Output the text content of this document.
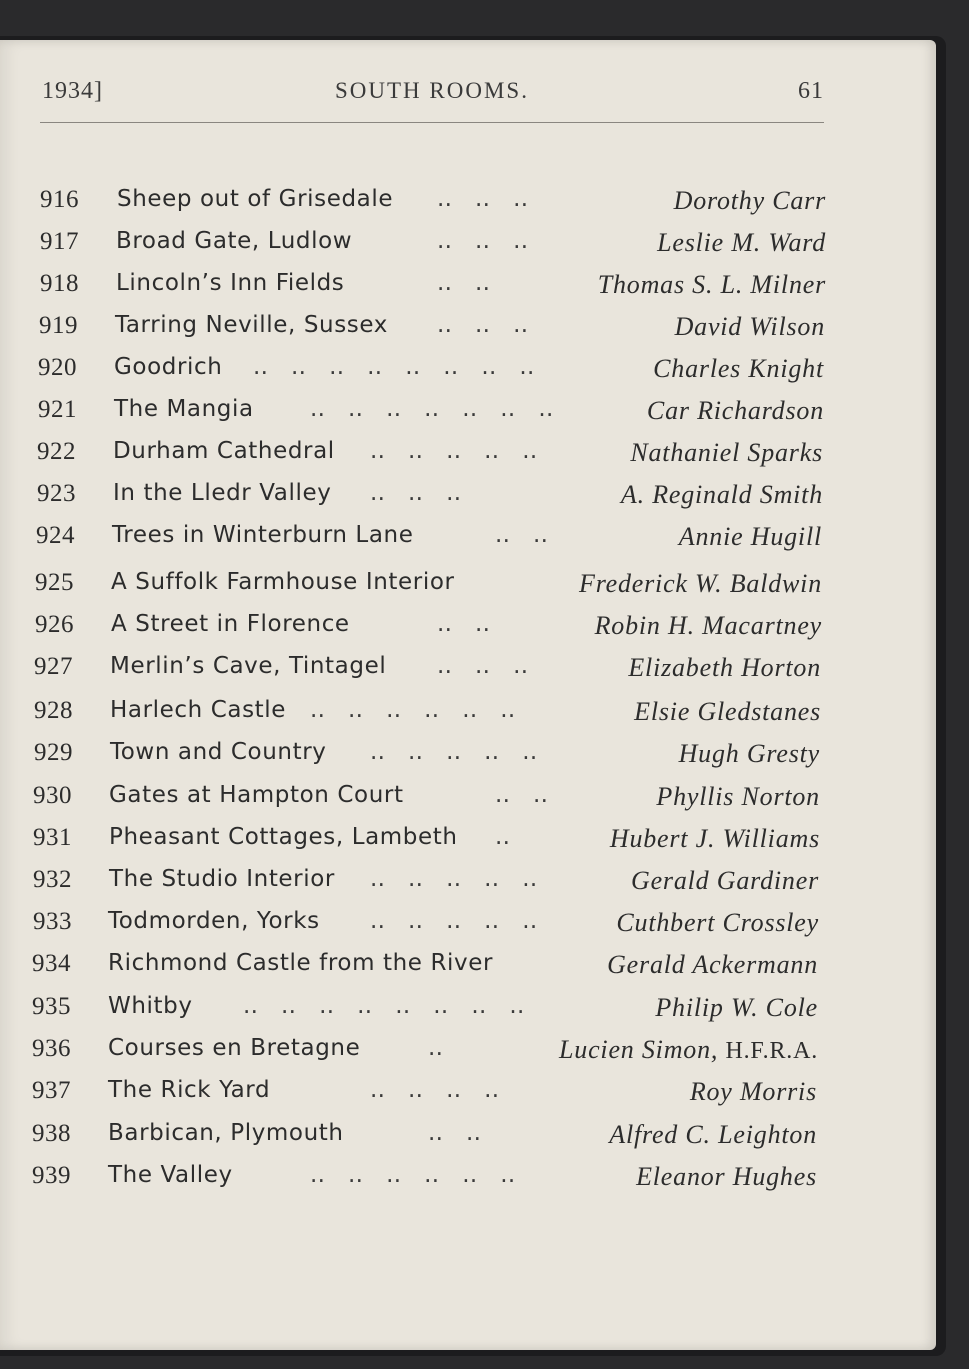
1934]	SOUTH ROOMS.	61
916 Sheep out of Grisedale ..   ..   ..	Dorothy Carr
917 Broad Gate, Ludlow	..   ..   ..	Leslie M. Ward
918 Lincoln’s Inn Fields	..   ..	Thomas S. L. Milner
919 Tarring Neville, Sussex ..   ..   ..	David Wilson
920 Goodrich ..   ..   ..   ..   ..   ..   ..   ..	Charles Knight
921 The Mangia ..   ..   ..   ..   ..   ..   ..	Car Richardson
922 Durham Cathedral ..   ..   ..   ..   ..	Nathaniel Sparks
923 In the Lledr Valley ..   ..   ..	A. Reginald Smith
924 Trees in Winterburn Lane	..   ..	Annie Hugill
925 A Suffolk Farmhouse Interior	Frederick W. Baldwin
926 A Street in Florence	..   ..	Robin H. Macartney
927 Merlin’s Cave, Tintagel ..   ..   ..	Elizabeth Horton
928 Harlech Castle ..   ..   ..   ..   ..   ..	Elsie Gledstanes
929 Town and Country ..   ..   ..   ..   ..	Hugh Gresty
930 Gates at Hampton Court	..   ..	Phyllis Norton
931 Pheasant Cottages, Lambeth ..	Hubert J. Williams
932 The Studio Interior ..   ..   ..   ..   ..	Gerald Gardiner
933 Todmorden, Yorks ..   ..   ..   ..   ..	Cuthbert Crossley
934 Richmond Castle from the River	Gerald Ackermann
935 Whitby ..   ..   ..   ..   ..   ..   ..   ..	Philip W. Cole
936 Courses en Bretagne	..	Lucien Simon, H.F.R.A.
937 The Rick Yard	..   ..   ..   ..	Roy Morris
938 Barbican, Plymouth	..   ..	Alfred C. Leighton
939 The Valley	..   ..   ..   ..   ..   ..	Eleanor Hughes
